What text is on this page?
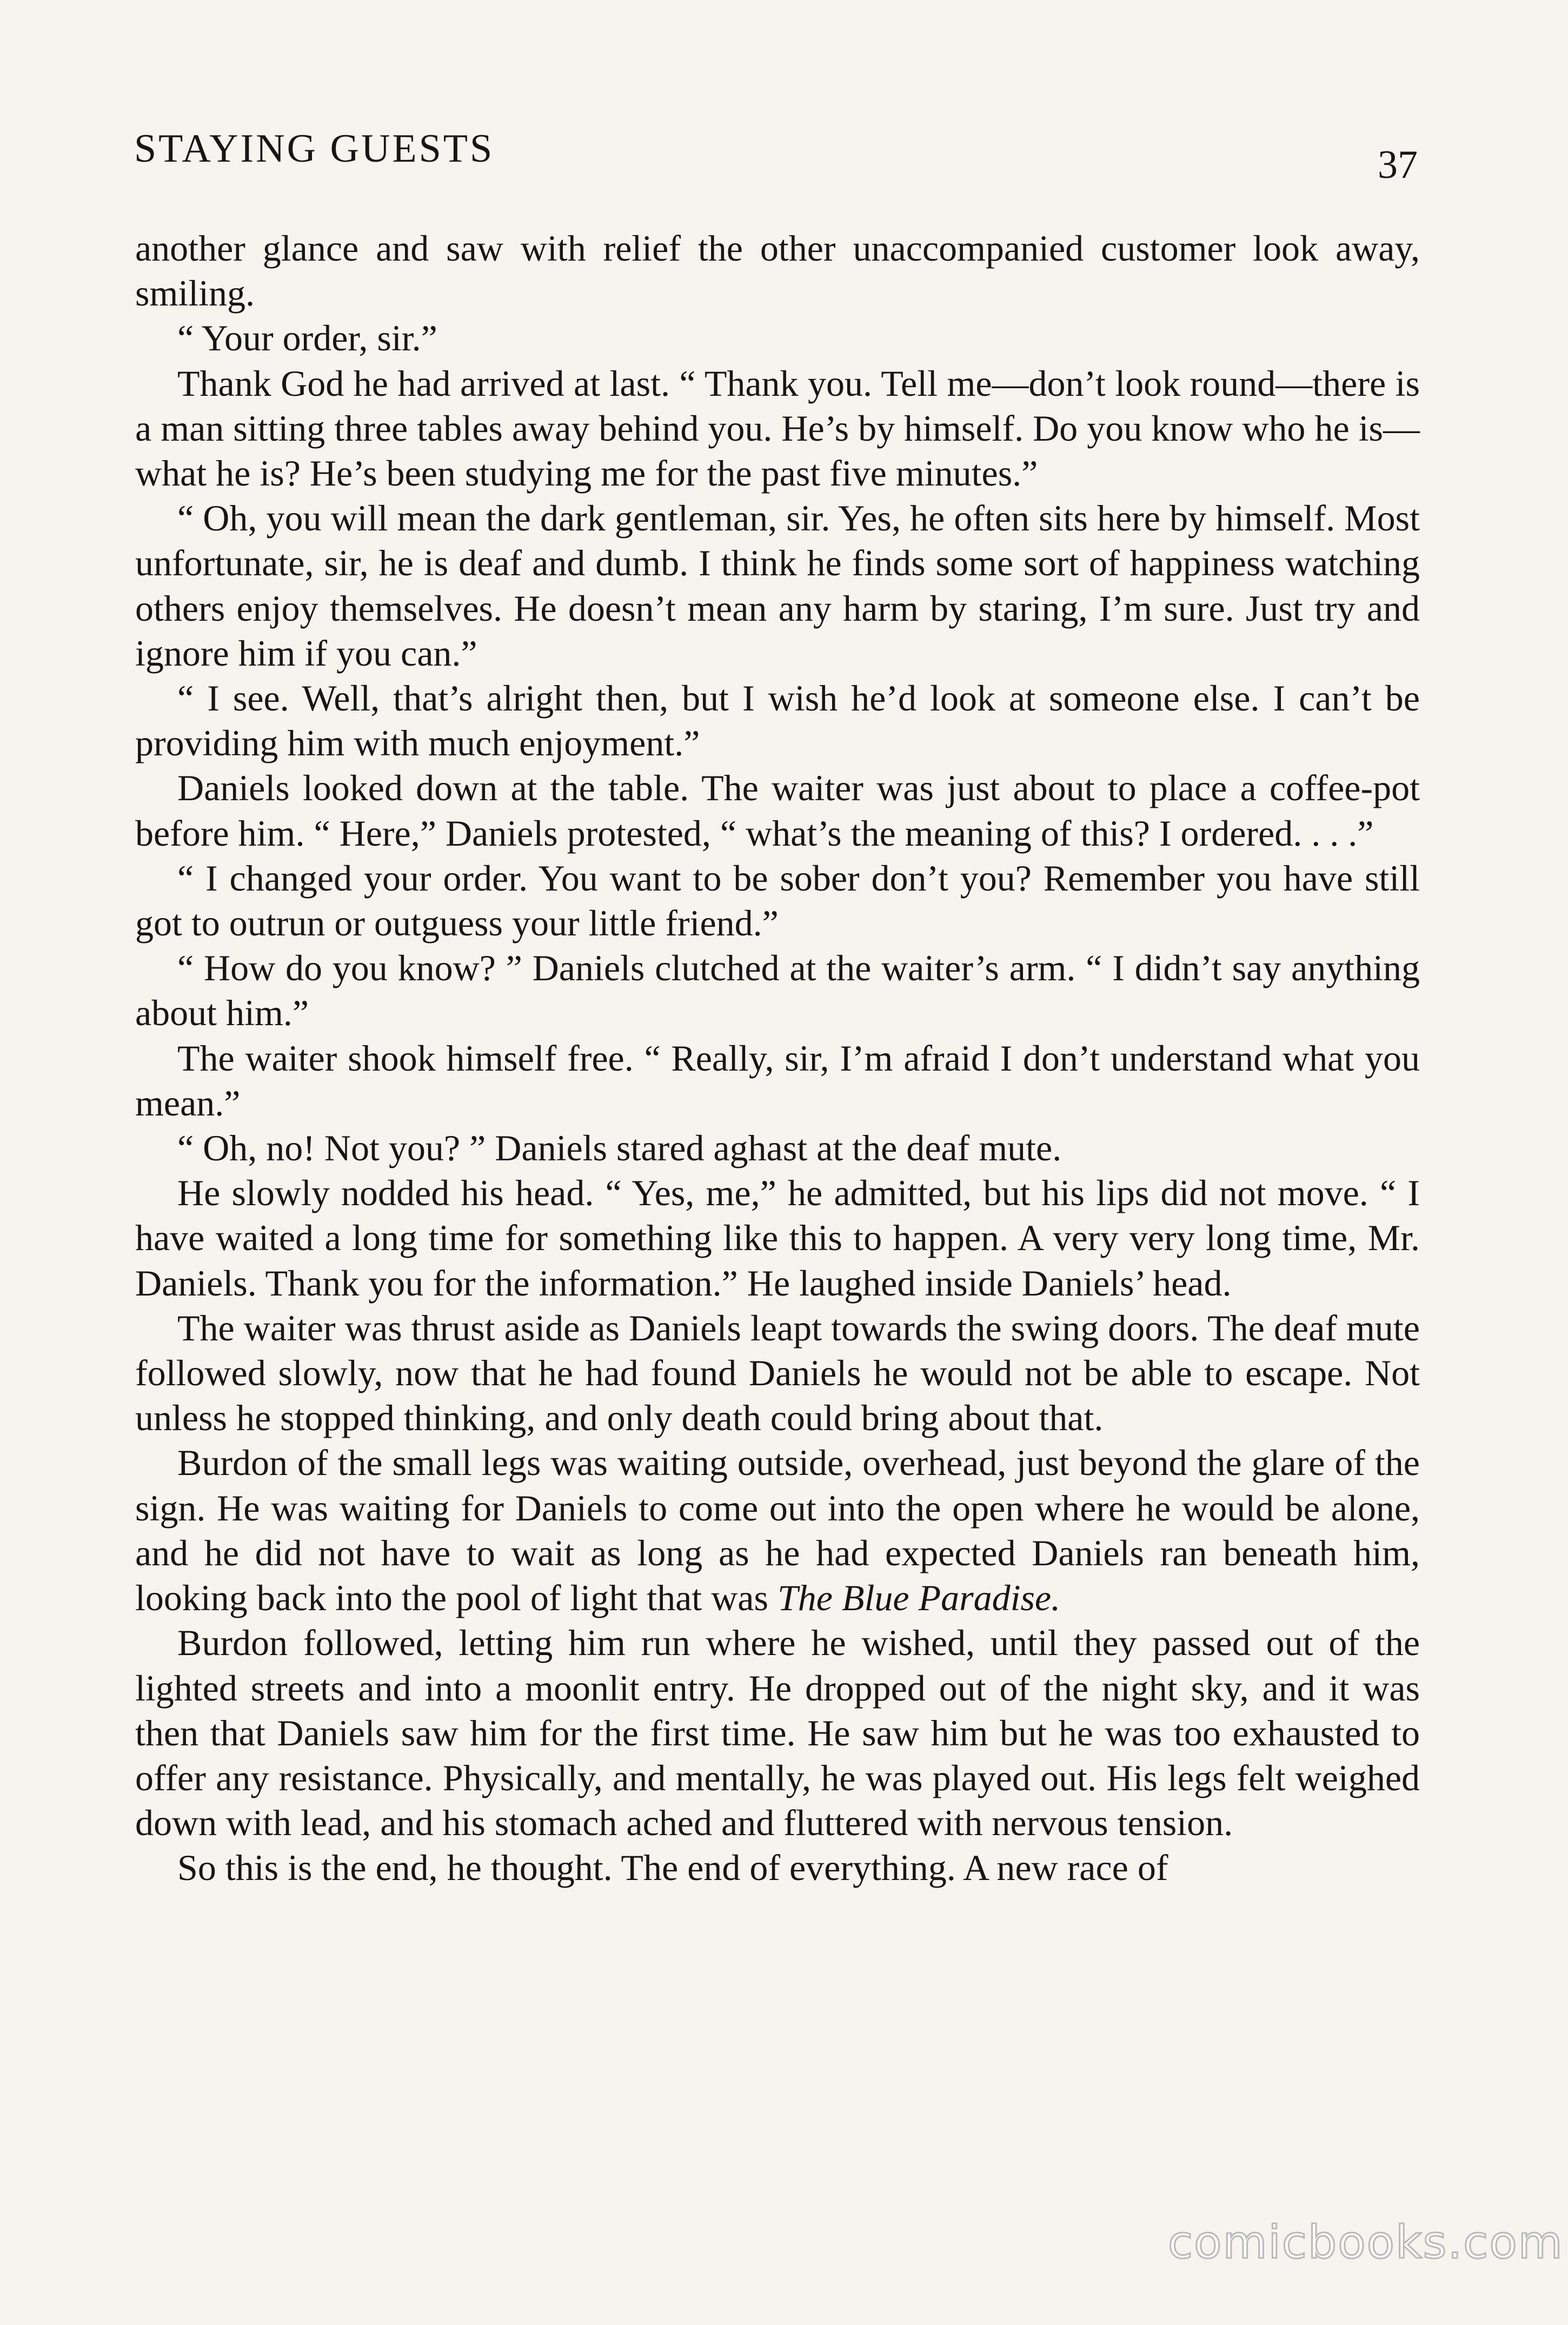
STAYING GUESTS	37

another glance and saw with relief the other unaccompanied customer look away, smiling.

“ Your order, sir.”

Thank God he had arrived at last. “ Thank you. Tell me—don’t look round—there is a man sitting three tables away behind you. He’s by himself. Do you know who he is—what he is? He’s been studying me for the past five minutes.”

“ Oh, you will mean the dark gentleman, sir. Yes, he often sits here by himself. Most unfortunate, sir, he is deaf and dumb. I think he finds some sort of happiness watching others enjoy themselves. He doesn’t mean any harm by staring, I’m sure. Just try and ignore him if you can.”

“ I see. Well, that’s alright then, but I wish he’d look at someone else. I can’t be providing him with much enjoyment.”

Daniels looked down at the table. The waiter was just about to place a coffee-pot before him. “ Here,” Daniels protested, “ what’s the meaning of this? I ordered. . . .”

“ I changed your order. You want to be sober don’t you? Remember you have still got to outrun or outguess your little friend.”

“ How do you know? ” Daniels clutched at the waiter’s arm. “ I didn’t say anything about him.”

The waiter shook himself free. “ Really, sir, I’m afraid I don’t understand what you mean.”

“ Oh, no! Not you? ” Daniels stared aghast at the deaf mute.

He slowly nodded his head. “ Yes, me,” he admitted, but his lips did not move. “ I have waited a long time for something like this to happen. A very very long time, Mr. Daniels. Thank you for the information.” He laughed inside Daniels’ head.

The waiter was thrust aside as Daniels leapt towards the swing doors. The deaf mute followed slowly, now that he had found Daniels he would not be able to escape. Not unless he stopped thinking, and only death could bring about that.

Burdon of the small legs was waiting outside, overhead, just beyond the glare of the sign. He was waiting for Daniels to come out into the open where he would be alone, and he did not have to wait as long as he had expected Daniels ran beneath him, looking back into the pool of light that was The Blue Paradise.

Burdon followed, letting him run where he wished, until they passed out of the lighted streets and into a moonlit entry. He dropped out of the night sky, and it was then that Daniels saw him for the first time. He saw him but he was too exhausted to offer any resistance. Physically, and mentally, he was played out. His legs felt weighed down with lead, and his stomach ached and fluttered with nervous tension.

So this is the end, he thought. The end of everything. A new race of

comicbooks.com
